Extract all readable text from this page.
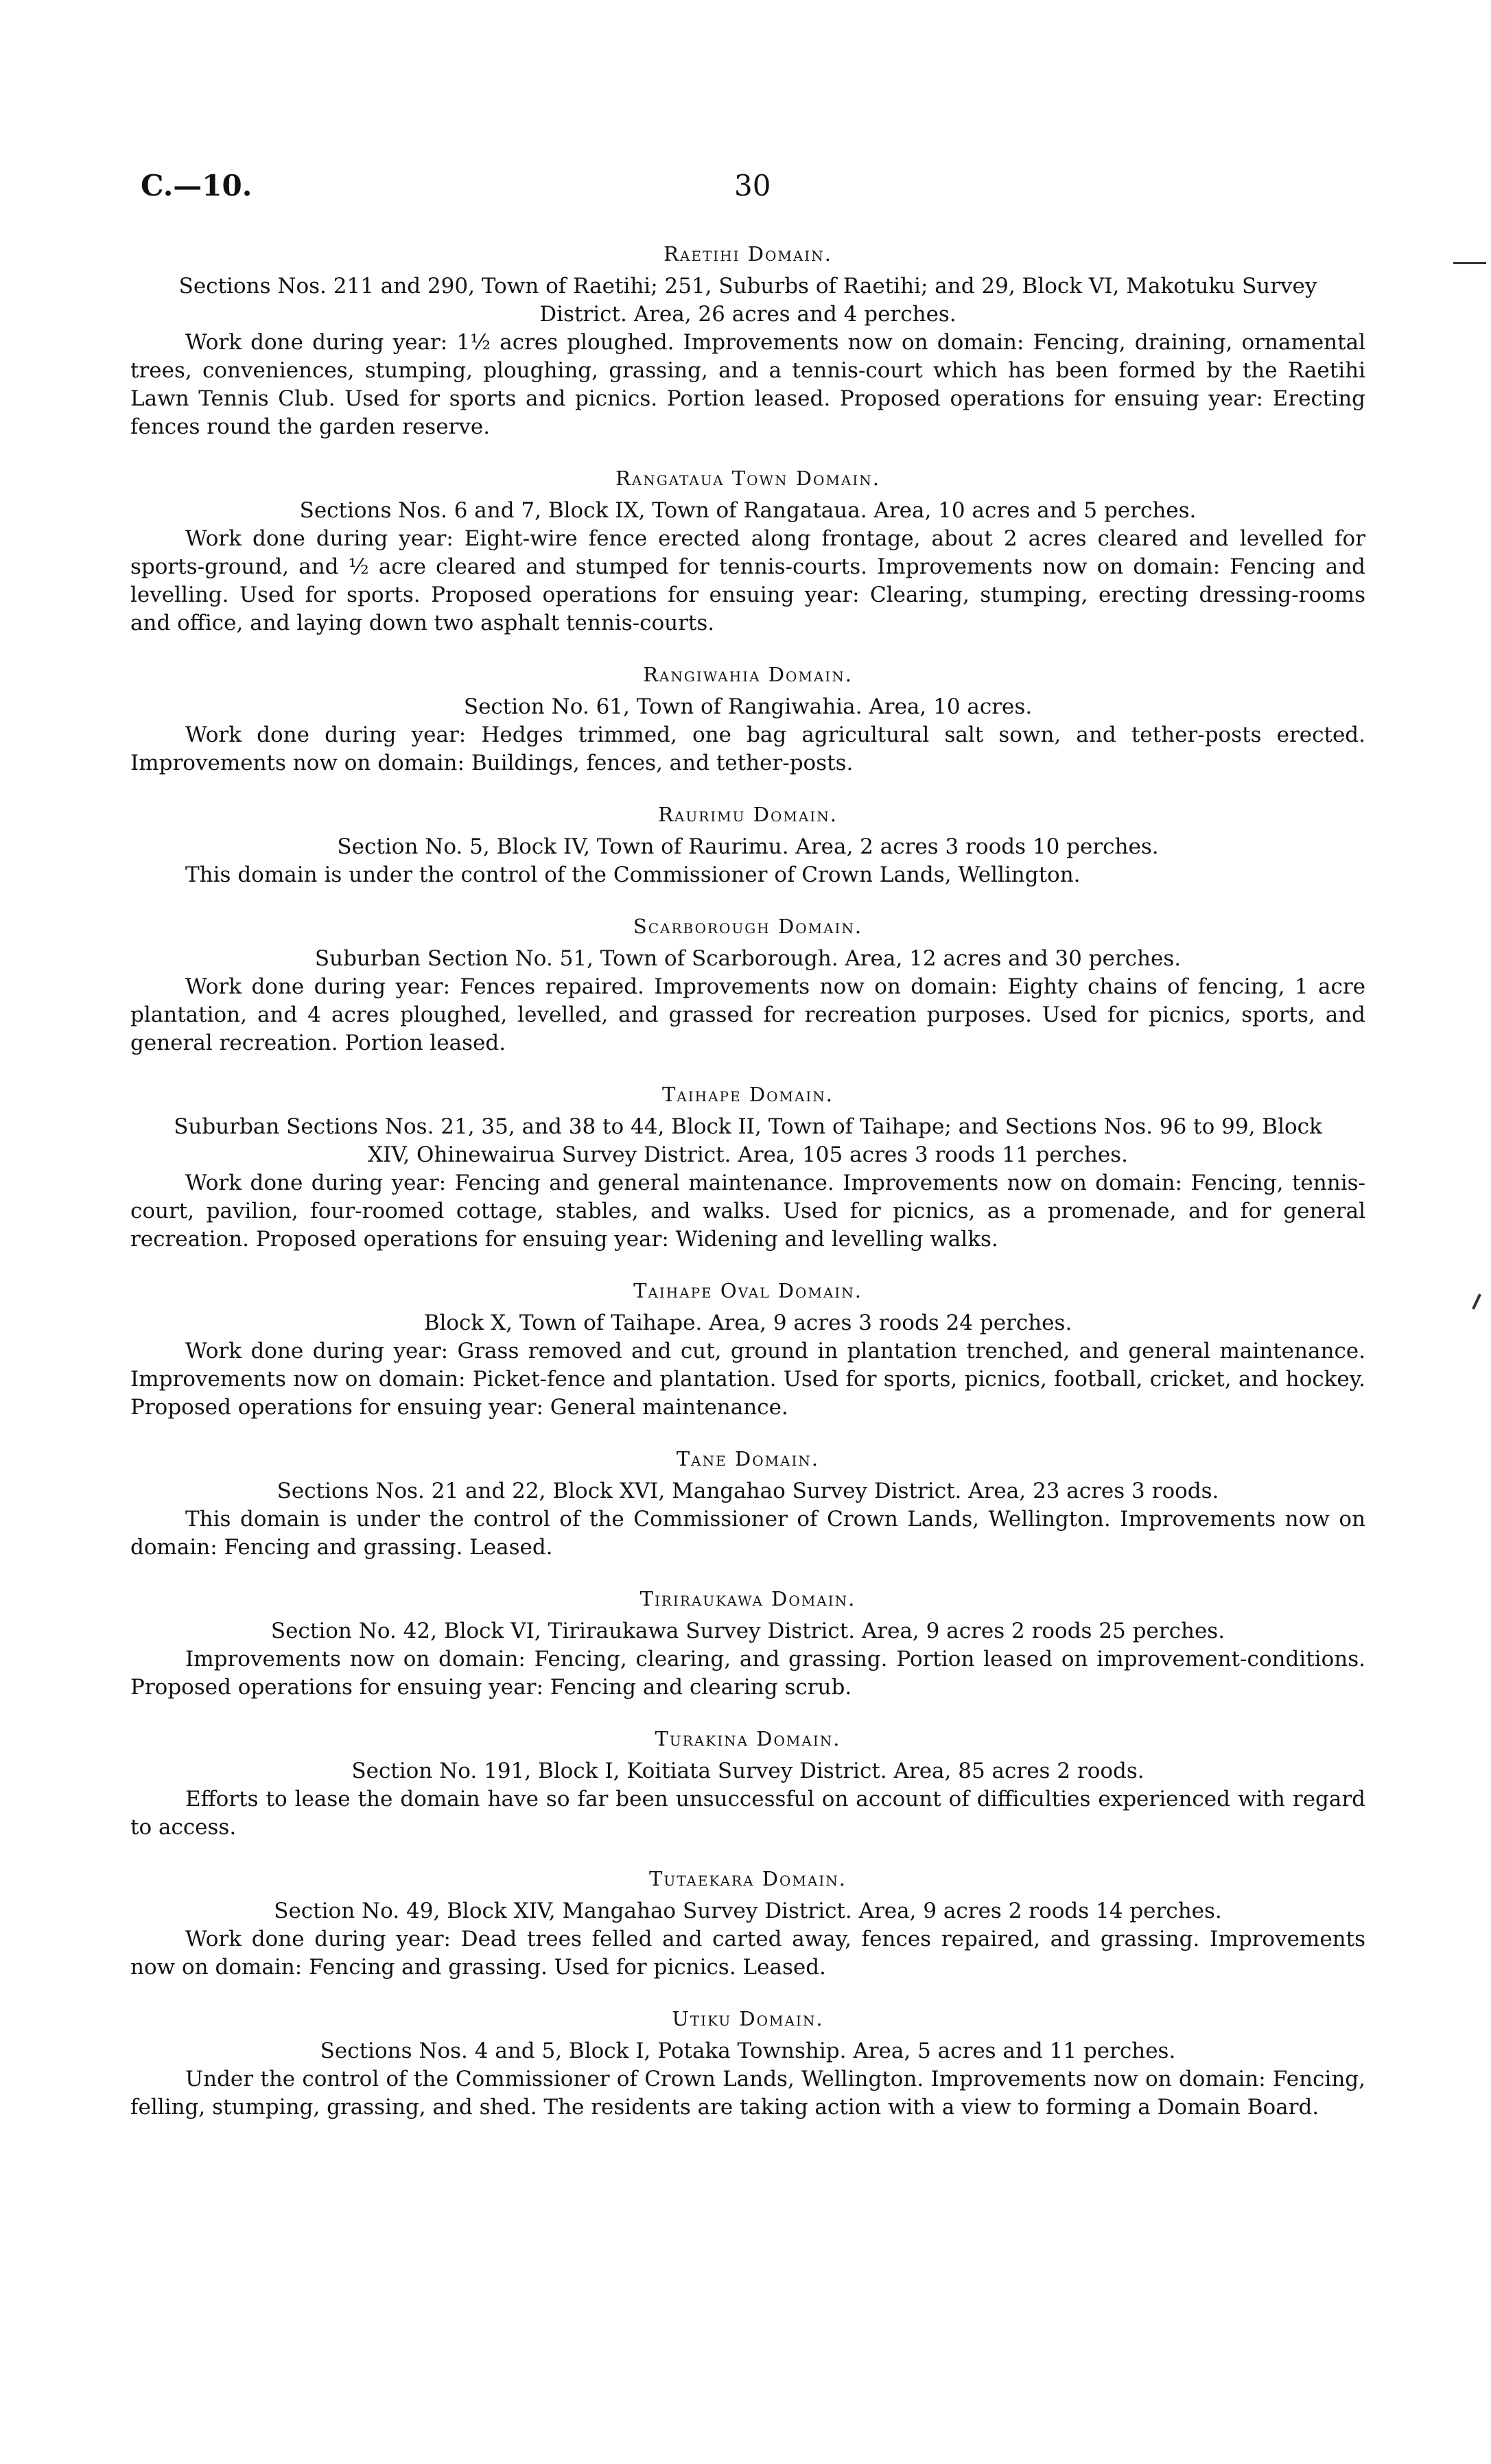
C.—10.	30
Raetihi Domain.
Sections Nos. 211 and 290, Town of Raetihi; 251, Suburbs of Raetihi; and 29, Block VI, Makotuku Survey District. Area, 26 acres and 4 perches.
Work done during year: 1½ acres ploughed. Improvements now on domain: Fencing, draining, ornamental trees, conveniences, stumping, ploughing, grassing, and a tennis-court which has been formed by the Raetihi Lawn Tennis Club. Used for sports and picnics. Portion leased. Proposed operations for ensuing year: Erecting fences round the garden reserve.
Rangataua Town Domain.
Sections Nos. 6 and 7, Block IX, Town of Rangataua. Area, 10 acres and 5 perches.
Work done during year: Eight-wire fence erected along frontage, about 2 acres cleared and levelled for sports-ground, and ½ acre cleared and stumped for tennis-courts. Improvements now on domain: Fencing and levelling. Used for sports. Proposed operations for ensuing year: Clearing, stumping, erecting dressing-rooms and office, and laying down two asphalt tennis-courts.
Rangiwahia Domain.
Section No. 61, Town of Rangiwahia. Area, 10 acres.
Work done during year: Hedges trimmed, one bag agricultural salt sown, and tether-posts erected. Improvements now on domain: Buildings, fences, and tether-posts.
Raurimu Domain.
Section No. 5, Block IV, Town of Raurimu. Area, 2 acres 3 roods 10 perches.
This domain is under the control of the Commissioner of Crown Lands, Wellington.
Scarborough Domain.
Suburban Section No. 51, Town of Scarborough. Area, 12 acres and 30 perches.
Work done during year: Fences repaired. Improvements now on domain: Eighty chains of fencing, 1 acre plantation, and 4 acres ploughed, levelled, and grassed for recreation purposes. Used for picnics, sports, and general recreation. Portion leased.
Taihape Domain.
Suburban Sections Nos. 21, 35, and 38 to 44, Block II, Town of Taihape; and Sections Nos. 96 to 99, Block XIV, Ohinewairua Survey District. Area, 105 acres 3 roods 11 perches.
Work done during year: Fencing and general maintenance. Improvements now on domain: Fencing, tennis-court, pavilion, four-roomed cottage, stables, and walks. Used for picnics, as a promenade, and for general recreation. Proposed operations for ensuing year: Widening and levelling walks.
Taihape Oval Domain.
Block X, Town of Taihape. Area, 9 acres 3 roods 24 perches.
Work done during year: Grass removed and cut, ground in plantation trenched, and general maintenance. Improvements now on domain: Picket-fence and plantation. Used for sports, picnics, football, cricket, and hockey. Proposed operations for ensuing year: General maintenance.
Tane Domain.
Sections Nos. 21 and 22, Block XVI, Mangahao Survey District. Area, 23 acres 3 roods.
This domain is under the control of the Commissioner of Crown Lands, Wellington. Improvements now on domain: Fencing and grassing. Leased.
Tiriraukawa Domain.
Section No. 42, Block VI, Tiriraukawa Survey District. Area, 9 acres 2 roods 25 perches.
Improvements now on domain: Fencing, clearing, and grassing. Portion leased on improvement-conditions. Proposed operations for ensuing year: Fencing and clearing scrub.
Turakina Domain.
Section No. 191, Block I, Koitiata Survey District. Area, 85 acres 2 roods.
Efforts to lease the domain have so far been unsuccessful on account of difficulties experienced with regard to access.
Tutaekara Domain.
Section No. 49, Block XIV, Mangahao Survey District. Area, 9 acres 2 roods 14 perches.
Work done during year: Dead trees felled and carted away, fences repaired, and grassing. Improvements now on domain: Fencing and grassing. Used for picnics. Leased.
Utiku Domain.
Sections Nos. 4 and 5, Block I, Potaka Township. Area, 5 acres and 11 perches.
Under the control of the Commissioner of Crown Lands, Wellington. Improvements now on domain: Fencing, felling, stumping, grassing, and shed. The residents are taking action with a view to forming a Domain Board.
